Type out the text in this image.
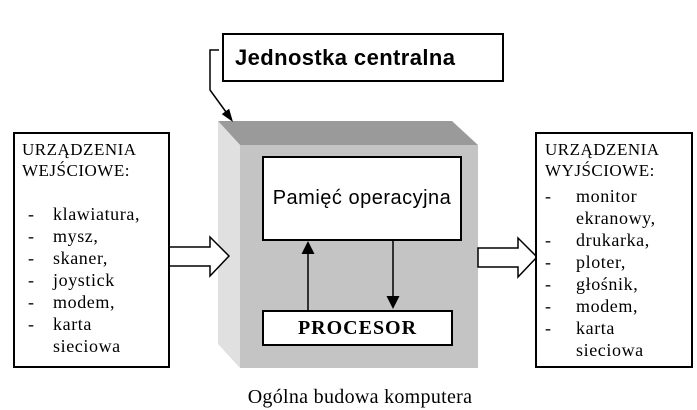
Jednostka centralna
URZĄDZENIA
WEJŚCIOWE:
-	klawiatura,
-	mysz,
-	skaner,
-	joystick
-	modem,
-	karta
sieciowa
URZĄDZENIA
WYJŚCIOWE:
-	monitor
ekranowy,
-	drukarka,
-	ploter,
-	głośnik,
-	modem,
-	karta
sieciowa
Pamięć operacyjna
PROCESOR
Ogólna budowa komputera
